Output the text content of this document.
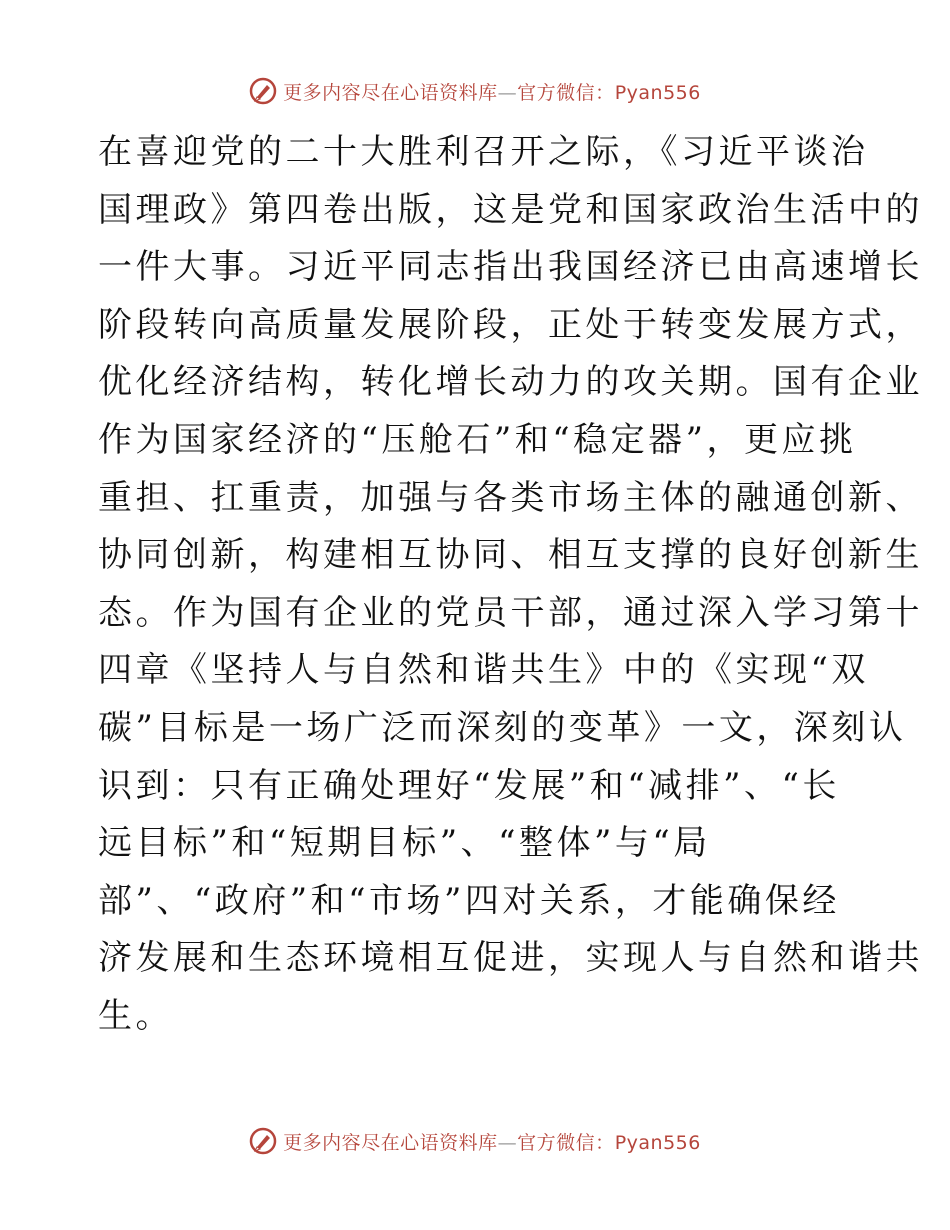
更多内容尽在心语资料库—官方微信：Pyan556
在喜迎党的二十大胜利召开之际，《习近平谈治
国理政》第四卷出版，这是党和国家政治生活中的
一件大事。习近平同志指出我国经济已由高速增长
阶段转向高质量发展阶段，正处于转变发展方式，
优化经济结构，转化增长动力的攻关期。国有企业
作为国家经济的“压舱石”和“稳定器”，更应挑
重担、扛重责，加强与各类市场主体的融通创新、
协同创新，构建相互协同、相互支撑的良好创新生
态。作为国有企业的党员干部，通过深入学习第十
四章《坚持人与自然和谐共生》中的《实现“双
碳”目标是一场广泛而深刻的变革》一文，深刻认
识到：只有正确处理好“发展”和“减排”、“长
远目标”和“短期目标”、“整体”与“局
部”、“政府”和“市场”四对关系，才能确保经
济发展和生态环境相互促进，实现人与自然和谐共
生。
更多内容尽在心语资料库—官方微信：Pyan556
